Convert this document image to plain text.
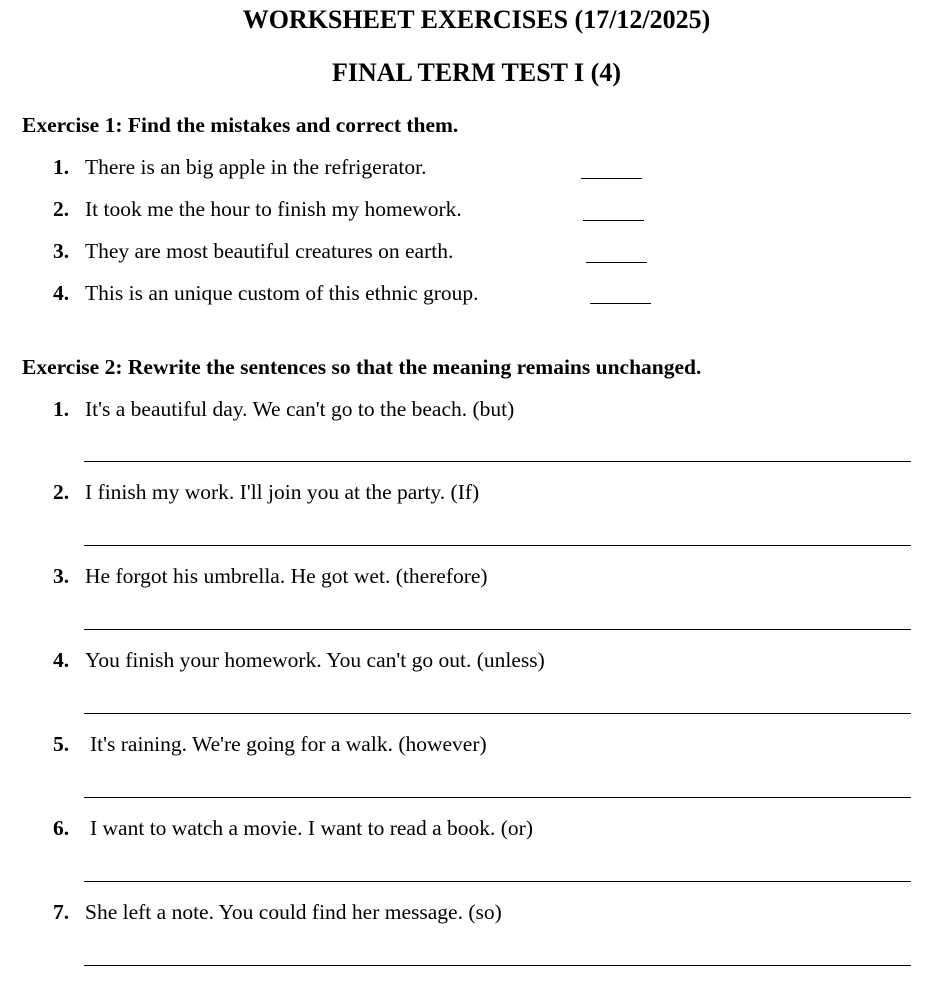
WORKSHEET EXERCISES (17/12/2025)
FINAL TERM TEST I (4)
Exercise 1: Find the mistakes and correct them.
1. There is an big apple in the refrigerator.
2. It took me the hour to finish my homework.
3. They are most beautiful creatures on earth.
4. This is an unique custom of this ethnic group.
Exercise 2: Rewrite the sentences so that the meaning remains unchanged.
1. It's a beautiful day. We can't go to the beach. (but)
2. I finish my work. I'll join you at the party. (If)
3. He forgot his umbrella. He got wet. (therefore)
4. You finish your homework. You can't go out. (unless)
5. It's raining. We're going for a walk. (however)
6. I want to watch a movie. I want to read a book. (or)
7. She left a note. You could find her message. (so)
